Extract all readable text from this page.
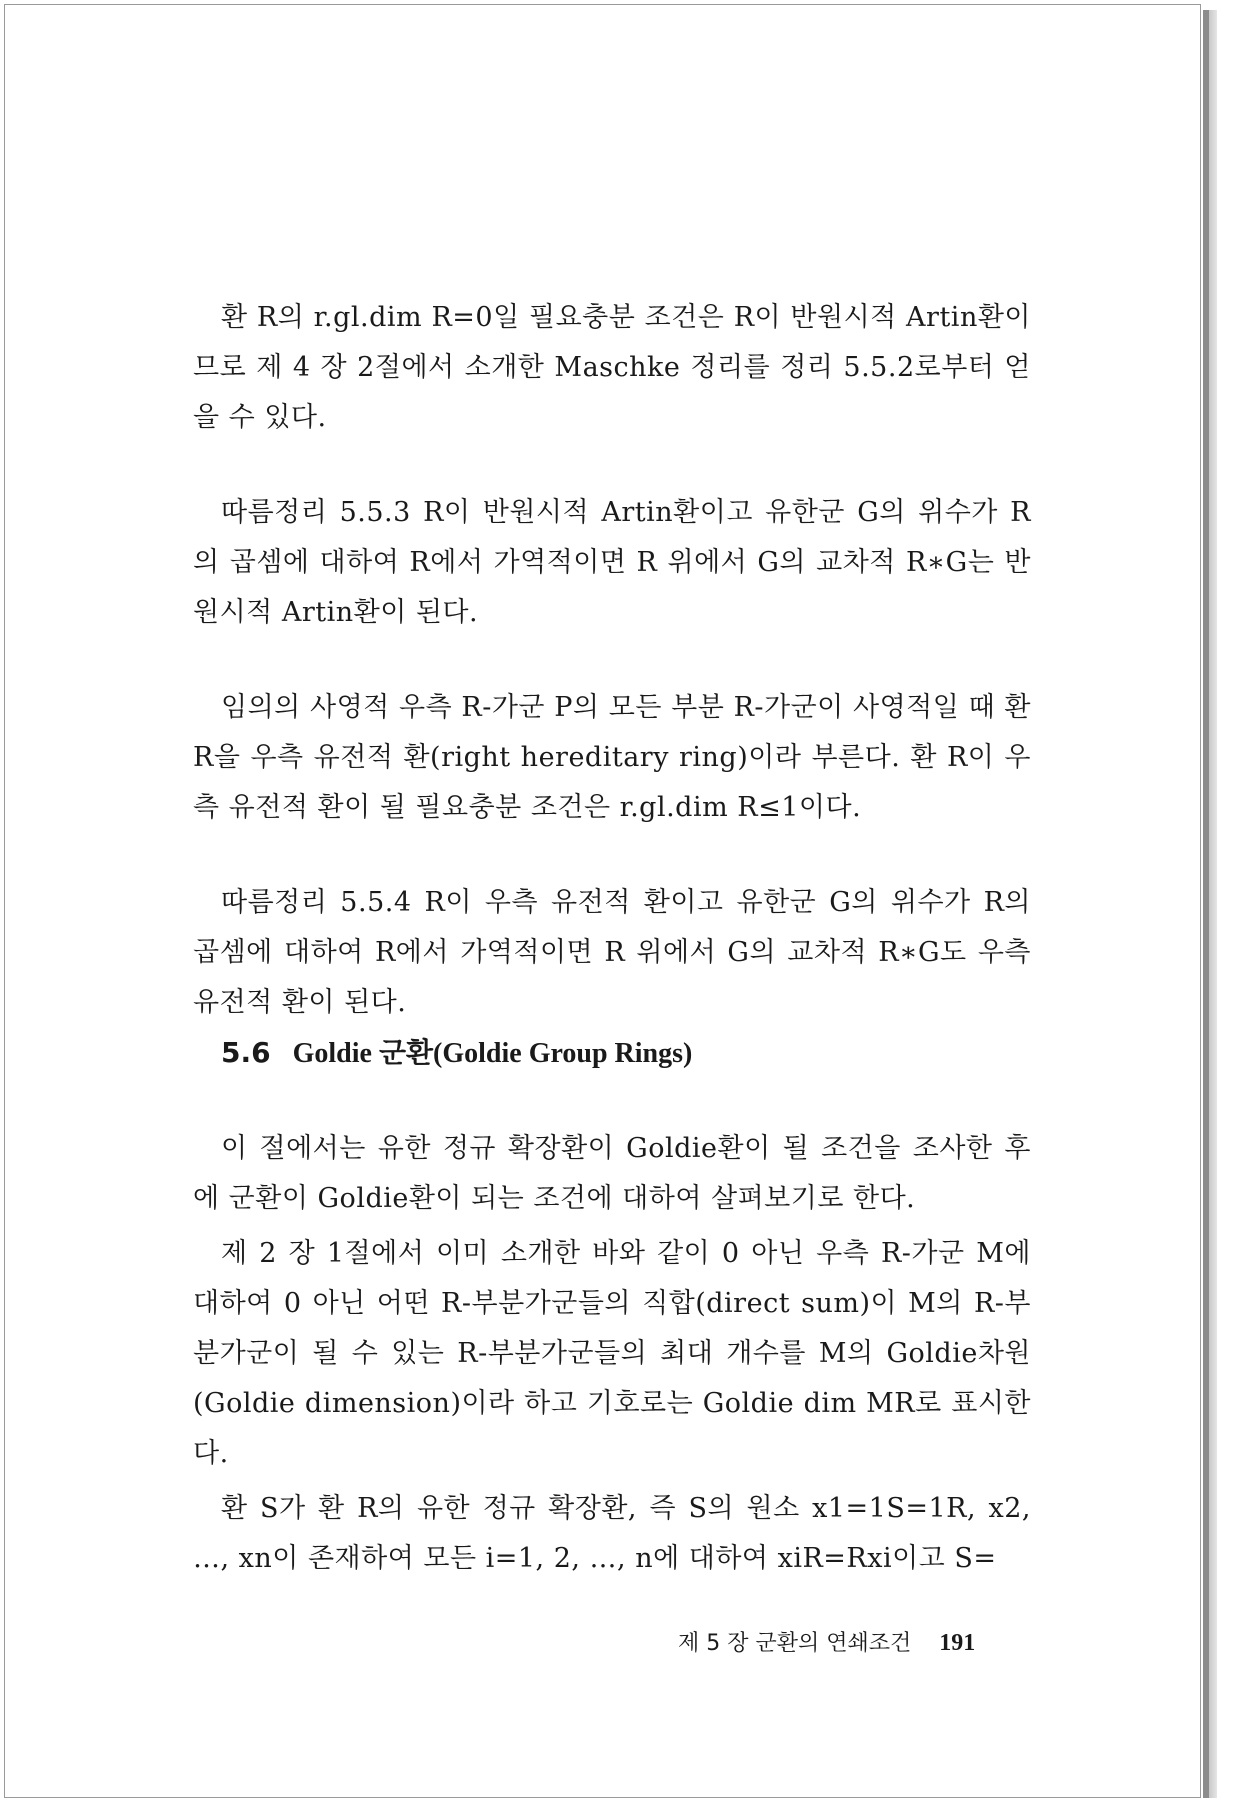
환 R의 r.gl.dim R=0일 필요충분 조건은 R이 반원시적 Artin환이므로 제 4 장 2절에서 소개한 Maschke 정리를 정리 5.5.2로부터 얻을 수 있다.

따름정리 5.5.3 R이 반원시적 Artin환이고 유한군 G의 위수가 R의 곱셈에 대하여 R에서 가역적이면 R 위에서 G의 교차적 R∗G는 반원시적 Artin환이 된다.

임의의 사영적 우측 R-가군 P의 모든 부분 R-가군이 사영적일 때 환 R을 우측 유전적 환(right hereditary ring)이라 부른다. 환 R이 우측 유전적 환이 될 필요충분 조건은 r.gl.dim R≤1이다.

따름정리 5.5.4 R이 우측 유전적 환이고 유한군 G의 위수가 R의 곱셈에 대하여 R에서 가역적이면 R 위에서 G의 교차적 R∗G도 우측 유전적 환이 된다.

5.6 Goldie 군환(Goldie Group Rings)

이 절에서는 유한 정규 확장환이 Goldie환이 될 조건을 조사한 후에 군환이 Goldie환이 되는 조건에 대하여 살펴보기로 한다.

제 2 장 1절에서 이미 소개한 바와 같이 0 아닌 우측 R-가군 M에 대하여 0 아닌 어떤 R-부분가군들의 직합(direct sum)이 M의 R-부분가군이 될 수 있는 R-부분가군들의 최대 개수를 M의 Goldie차원(Goldie dimension)이라 하고 기호로는 Goldie dim MR로 표시한다.

환 S가 환 R의 유한 정규 확장환, 즉 S의 원소 x1=1S=1R, x2, …, xn이 존재하여 모든 i=1, 2, …, n에 대하여 xiR=Rxi이고 S=

제 5 장 군환의 연쇄조건 191
